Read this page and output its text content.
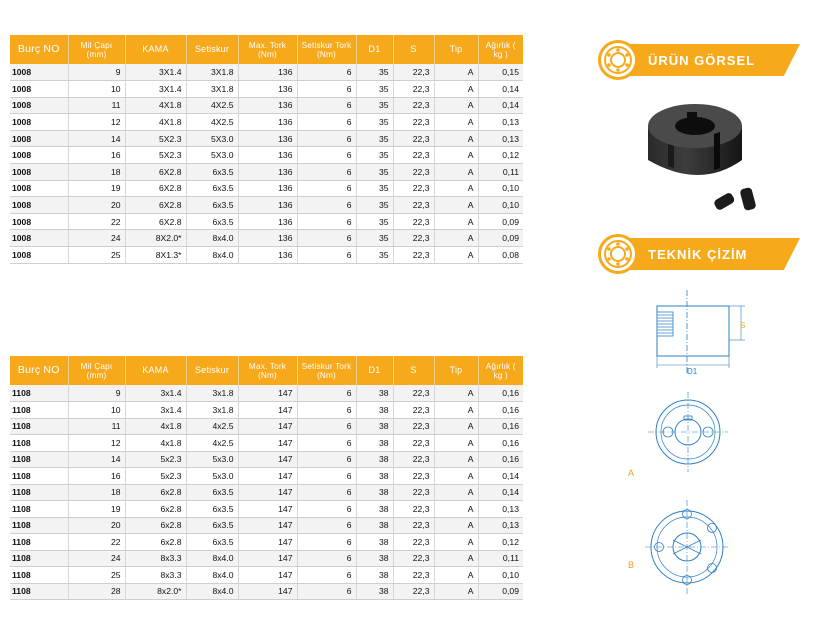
Burç NO	Mil Çapı (mm)	KAMA	Setiskur	Max. Tork (Nm)	Setiskur Tork (Nm)	D1	S	Tip	Ağırlık ( kg )
1008	9	3X1.4	3X1.8	136	6	35	22,3	A	0,15
1008	10	3X1.4	3X1.8	136	6	35	22,3	A	0,14
1008	11	4X1.8	4X2.5	136	6	35	22,3	A	0,14
1008	12	4X1.8	4X2.5	136	6	35	22,3	A	0,13
1008	14	5X2.3	5X3.0	136	6	35	22,3	A	0,13
1008	16	5X2.3	5X3.0	136	6	35	22,3	A	0,12
1008	18	6X2.8	6x3.5	136	6	35	22,3	A	0,11
1008	19	6X2.8	6x3.5	136	6	35	22,3	A	0,10
1008	20	6X2.8	6x3.5	136	6	35	22,3	A	0,10
1008	22	6X2.8	6x3.5	136	6	35	22,3	A	0,09
1008	24	8X2.0*	8x4.0	136	6	35	22,3	A	0,09
1008	25	8X1.3*	8x4.0	136	6	35	22,3	A	0,08
Burç NO	Mil Çapı (mm)	KAMA	Setiskur	Max. Tork (Nm)	Setiskur Tork (Nm)	D1	S	Tip	Ağırlık ( kg )
1108	9	3x1.4	3x1.8	147	6	38	22,3	A	0,16
1108	10	3x1.4	3x1.8	147	6	38	22,3	A	0,16
1108	11	4x1.8	4x2.5	147	6	38	22,3	A	0,16
1108	12	4x1.8	4x2.5	147	6	38	22,3	A	0,16
1108	14	5x2.3	5x3.0	147	6	38	22,3	A	0,16
1108	16	5x2.3	5x3.0	147	6	38	22,3	A	0,14
1108	18	6x2.8	6x3.5	147	6	38	22,3	A	0,14
1108	19	6x2.8	6x3.5	147	6	38	22,3	A	0,13
1108	20	6x2.8	6x3.5	147	6	38	22,3	A	0,13
1108	22	6x2.8	6x3.5	147	6	38	22,3	A	0,12
1108	24	8x3.3	8x4.0	147	6	38	22,3	A	0,11
1108	25	8x3.3	8x4.0	147	6	38	22,3	A	0,10
1108	28	8x2.0*	8x4.0	147	6	38	22,3	A	0,09
ÜRÜN GÖRSEL
TEKNİK ÇİZİM
S
D1
A
B
